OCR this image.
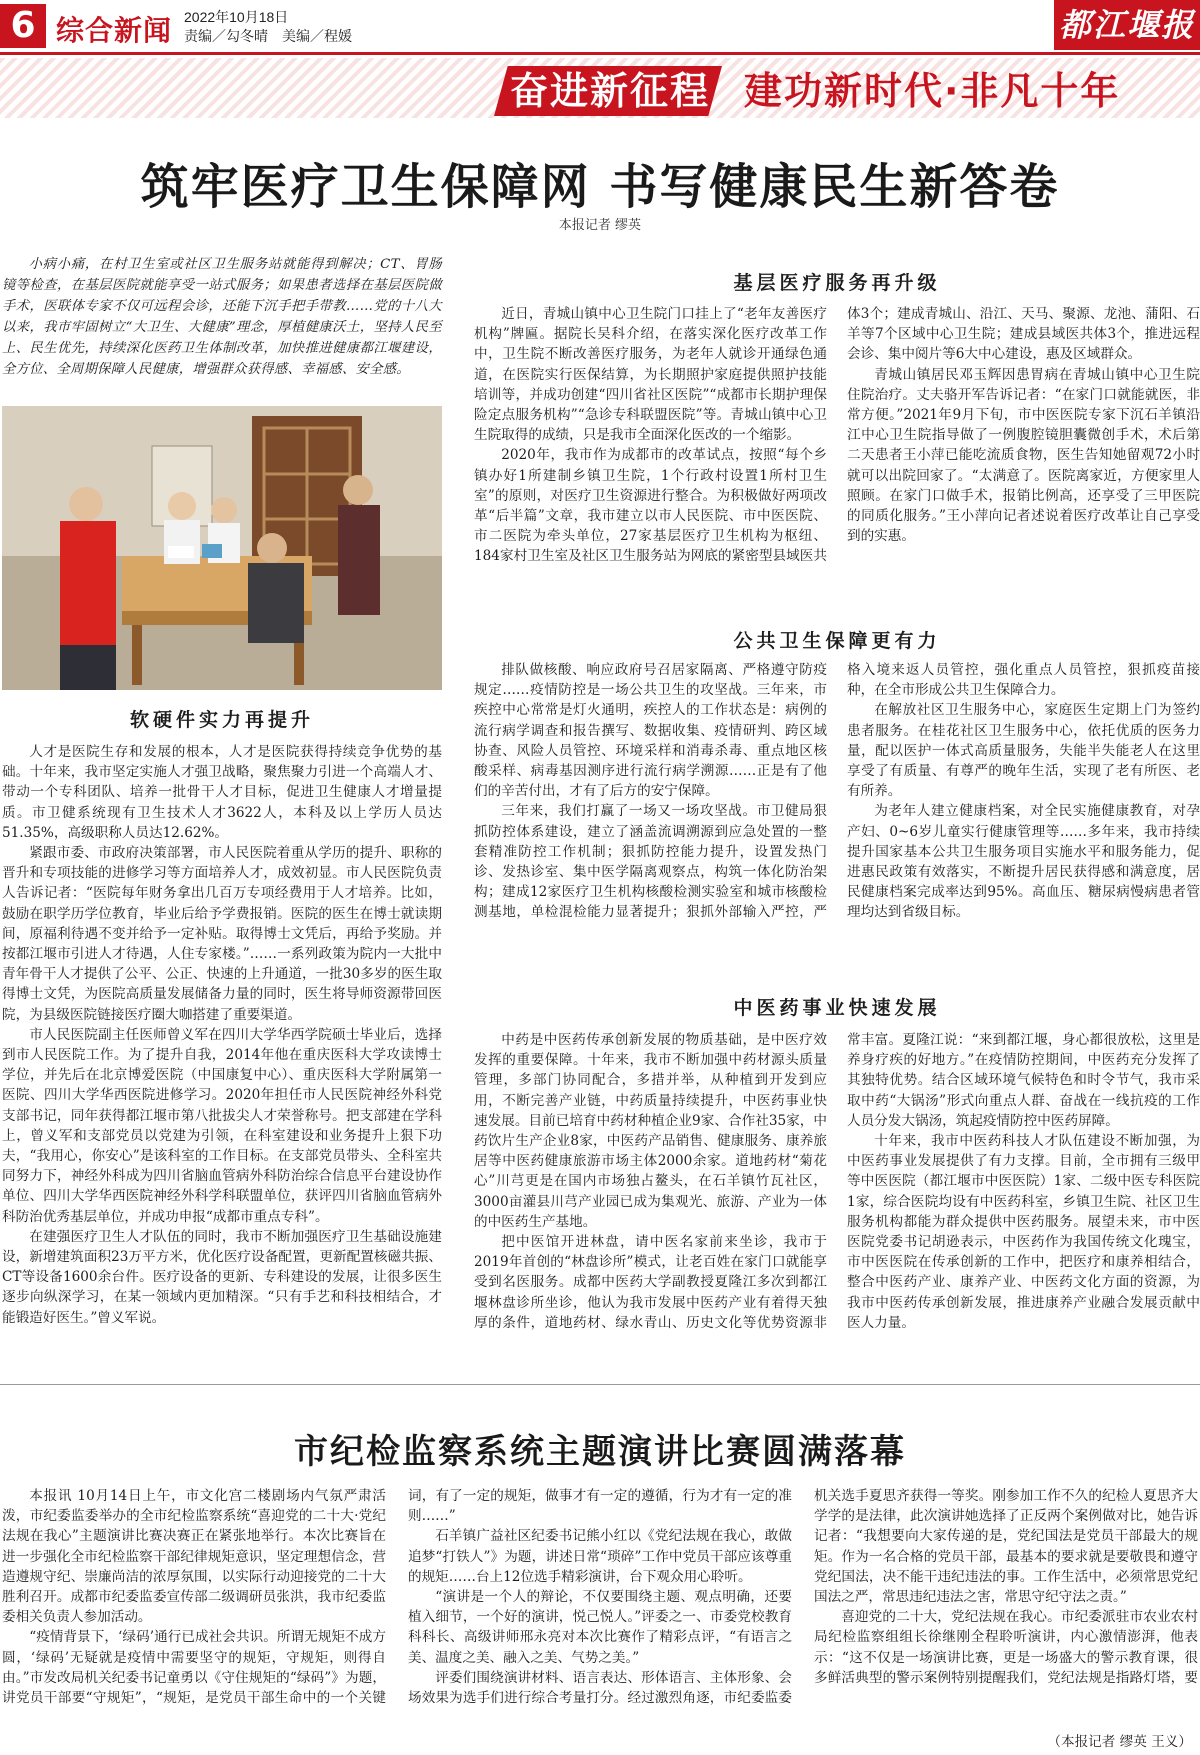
6 综合新闻 2022年10月18日
责编／勾冬晴　美编／程媛	都江堰报
奋进新征程 建功新时代·非凡十年
筑牢医疗卫生保障网 书写健康民生新答卷
本报记者 缪英

小病小痛，在村卫生室或社区卫生服务站就能得到解决；CT、胃肠镜等检查，在基层医院就能享受一站式服务；如果患者选择在基层医院做手术，医联体专家不仅可远程会诊，还能下沉手把手带教……党的十八大以来，我市牢固树立“大卫生、大健康”理念，厚植健康沃土，坚持人民至上、民生优先，持续深化医药卫生体制改革，加快推进健康都江堰建设，全方位、全周期保障人民健康，增强群众获得感、幸福感、安全感。

软硬件实力再提升

人才是医院生存和发展的根本，人才是医院获得持续竞争优势的基础。十年来，我市坚定实施人才强卫战略，聚焦聚力引进一个高端人才、带动一个专科团队、培养一批骨干人才目标，促进卫生健康人才增量提质。市卫健系统现有卫生技术人才3622人，本科及以上学历人员达51.35%，高级职称人员达12.62%。

紧跟市委、市政府决策部署，市人民医院着重从学历的提升、职称的晋升和专项技能的进修学习等方面培养人才，成效初显。市人民医院负责人告诉记者：“医院每年财务拿出几百万专项经费用于人才培养。比如，鼓励在职学历学位教育，毕业后给予学费报销。医院的医生在博士就读期间，原福利待遇不变并给予一定补贴。取得博士文凭后，再给予奖励。并按都江堰市引进人才待遇，人住专家楼。”……一系列政策为院内一大批中青年骨干人才提供了公平、公正、快速的上升通道，一批30多岁的医生取得博士文凭，为医院高质量发展储备力量的同时，医生将导师资源带回医院，为县级医院链接医疗圈大咖搭建了重要渠道。

市人民医院副主任医师曾义军在四川大学华西学院硕士毕业后，选择到市人民医院工作。为了提升自我，2014年他在重庆医科大学攻读博士学位，并先后在北京博爱医院（中国康复中心）、重庆医科大学附属第一医院、四川大学华西医院进修学习。2020年担任市人民医院神经外科党支部书记，同年获得都江堰市第八批拔尖人才荣誉称号。把支部建在学科上，曾义军和支部党员以党建为引领，在科室建设和业务提升上狠下功夫，“我用心，你安心”是该科室的工作目标。在支部党员带头、全科室共同努力下，神经外科成为四川省脑血管病外科防治综合信息平台建设协作单位、四川大学华西医院神经外科学科联盟单位，获评四川省脑血管病外科防治优秀基层单位，并成功申报“成都市重点专科”。

在建强医疗卫生人才队伍的同时，我市不断加强医疗卫生基础设施建设，新增建筑面积23万平方米，优化医疗设备配置，更新配置核磁共振、CT等设备1600余台件。医疗设备的更新、专科建设的发展，让很多医生逐步向纵深学习，在某一领域内更加精深。“只有手艺和科技相结合，才能锻造好医生。”曾义军说。

基层医疗服务再升级

近日，青城山镇中心卫生院门口挂上了“老年友善医疗机构”牌匾。据院长吴科介绍，在落实深化医疗改革工作中，卫生院不断改善医疗服务，为老年人就诊开通绿色通道，在医院实行医保结算，为长期照护家庭提供照护技能培训等，并成功创建“四川省社区医院”“成都市长期护理保险定点服务机构”“急诊专科联盟医院”等。青城山镇中心卫生院取得的成绩，只是我市全面深化医改的一个缩影。

2020年，我市作为成都市的改革试点，按照“每个乡镇办好1所建制乡镇卫生院，1个行政村设置1所村卫生室”的原则，对医疗卫生资源进行整合。为积极做好两项改革“后半篇”文章，我市建立以市人民医院、市中医医院、市二医院为牵头单位，27家基层医疗卫生机构为枢纽、184家村卫生室及社区卫生服务站为网底的紧密型县域医共体3个；建成青城山、沿江、天马、聚源、龙池、蒲阳、石羊等7个区域中心卫生院；建成县域医共体3个，推进远程会诊、集中阅片等6大中心建设，惠及区域群众。

青城山镇居民邓玉辉因患胃病在青城山镇中心卫生院住院治疗。丈夫骆开军告诉记者：“在家门口就能就医，非常方便。”2021年9月下旬，市中医医院专家下沉石羊镇沿江中心卫生院指导做了一例腹腔镜胆囊微创手术，术后第二天患者王小萍已能吃流质食物，医生告知她留观72小时就可以出院回家了。“太满意了。医院离家近，方便家里人照顾。在家门口做手术，报销比例高，还享受了三甲医院的同质化服务。”王小萍向记者述说着医疗改革让自己享受到的实惠。

公共卫生保障更有力

排队做核酸、响应政府号召居家隔离、严格遵守防疫规定……疫情防控是一场公共卫生的攻坚战。三年来，市疾控中心常常是灯火通明，疾控人的工作状态是：病例的流行病学调查和报告撰写、数据收集、疫情研判、跨区域协查、风险人员管控、环境采样和消毒杀毒、重点地区核酸采样、病毒基因测序进行流行病学溯源……正是有了他们的辛苦付出，才有了后方的安宁保障。

三年来，我们打赢了一场又一场攻坚战。市卫健局狠抓防控体系建设，建立了涵盖流调溯源到应急处置的一整套精准防控工作机制；狠抓防控能力提升，设置发热门诊、发热诊室、集中医学隔离观察点，构筑一体化防治架构；建成12家医疗卫生机构核酸检测实验室和城市核酸检测基地，单检混检能力显著提升；狠抓外部输入严控，严格入境来返人员管控，强化重点人员管控，狠抓疫苗接种，在全市形成公共卫生保障合力。

在解放社区卫生服务中心，家庭医生定期上门为签约患者服务。在桂花社区卫生服务中心，依托优质的医务力量，配以医护一体式高质量服务，失能半失能老人在这里享受了有质量、有尊严的晚年生活，实现了老有所医、老有所养。

为老年人建立健康档案，对全民实施健康教育，对孕产妇、0~6岁儿童实行健康管理等……多年来，我市持续提升国家基本公共卫生服务项目实施水平和服务能力，促进惠民政策有效落实，不断提升居民获得感和满意度，居民健康档案完成率达到95%。高血压、糖尿病慢病患者管理均达到省级目标。

中医药事业快速发展

中药是中医药传承创新发展的物质基础，是中医疗效发挥的重要保障。十年来，我市不断加强中药材源头质量管理，多部门协同配合，多措并举，从种植到开发到应用，不断完善产业链，中药质量持续提升，中医药事业快速发展。目前已培育中药材种植企业9家、合作社35家，中药饮片生产企业8家，中医药产品销售、健康服务、康养旅居等中医药健康旅游市场主体2000余家。道地药材“菊花心”川芎更是在国内市场独占鳌头，在石羊镇竹瓦社区，3000亩灌县川芎产业园已成为集观光、旅游、产业为一体的中医药生产基地。

把中医馆开进林盘，请中医名家前来坐诊，我市于2019年首创的“林盘诊所”模式，让老百姓在家门口就能享受到名医服务。成都中医药大学副教授夏隆江多次到都江堰林盘诊所坐诊，他认为我市发展中医药产业有着得天独厚的条件，道地药材、绿水青山、历史文化等优势资源非常丰富。夏隆江说：“来到都江堰，身心都很放松，这里是养身疗疾的好地方。”在疫情防控期间，中医药充分发挥了其独特优势。结合区域环境气候特色和时令节气，我市采取中药“大锅汤”形式向重点人群、奋战在一线抗疫的工作人员分发大锅汤，筑起疫情防控中医药屏障。

十年来，我市中医药科技人才队伍建设不断加强，为中医药事业发展提供了有力支撑。目前，全市拥有三级甲等中医医院（都江堰市中医医院）1家、二级中医专科医院1家，综合医院均设有中医药科室，乡镇卫生院、社区卫生服务机构都能为群众提供中医药服务。展望未来，市中医医院党委书记胡逊表示，中医药作为我国传统文化瑰宝，市中医医院在传承创新的工作中，把医疗和康养相结合，整合中医药产业、康养产业、中医药文化方面的资源，为我市中医药传承创新发展，推进康养产业融合发展贡献中医人力量。

市纪检监察系统主题演讲比赛圆满落幕

本报讯 10月14日上午，市文化宫二楼剧场内气氛严肃活泼，市纪委监委举办的全市纪检监察系统“喜迎党的二十大·党纪法规在我心”主题演讲比赛决赛正在紧张地举行。本次比赛旨在进一步强化全市纪检监察干部纪律规矩意识，坚定理想信念，营造遵规守纪、崇廉尚洁的浓厚氛围，以实际行动迎接党的二十大胜利召开。成都市纪委监委宣传部二级调研员张洪，我市纪委监委相关负责人参加活动。

“疫情背景下，‘绿码’通行已成社会共识。所谓无规矩不成方圆，‘绿码’无疑就是疫情中需要坚守的规矩，守规矩，则得自由。”市发改局机关纪委书记童勇以《守住规矩的“绿码”》为题，讲党员干部要“守规矩”，“规矩，是党员干部生命中的一个关键词，有了一定的规矩，做事才有一定的遵循，行为才有一定的准则……”

石羊镇广益社区纪委书记熊小红以《党纪法规在我心，敢做追梦“打铁人”》为题，讲述日常“琐碎”工作中党员干部应该尊重的规矩……台上12位选手精彩演讲，台下观众用心聆听。

“演讲是一个人的辩论，不仅要围绕主题、观点明确，还要植入细节，一个好的演讲，悦己悦人。”评委之一、市委党校教育科科长、高级讲师邢永亮对本次比赛作了精彩点评，“有语言之美、温度之美、融入之美、气势之美。”

评委们围绕演讲材料、语言表达、形体语言、主体形象、会场效果为选手们进行综合考量打分。经过激烈角逐，市纪委监委机关选手夏思齐获得一等奖。刚参加工作不久的纪检人夏思齐大学学的是法律，此次演讲她选择了正反两个案例做对比，她告诉记者：“我想要向大家传递的是，党纪国法是党员干部最大的规矩。作为一名合格的党员干部，最基本的要求就是要敬畏和遵守党纪国法，决不能干违纪违法的事。工作生活中，必须常思党纪国法之严，常思违纪违法之害，常思守纪守法之责。”

喜迎党的二十大，党纪法规在我心。市纪委派驻市农业农村局纪检监察组组长徐继刚全程聆听演讲，内心激情澎湃，他表示：“这不仅是一场演讲比赛，更是一场盛大的警示教育课，很多鲜活典型的警示案例特别提醒我们，党纪法规是指路灯塔，要

（本报记者 缪英 王义）
